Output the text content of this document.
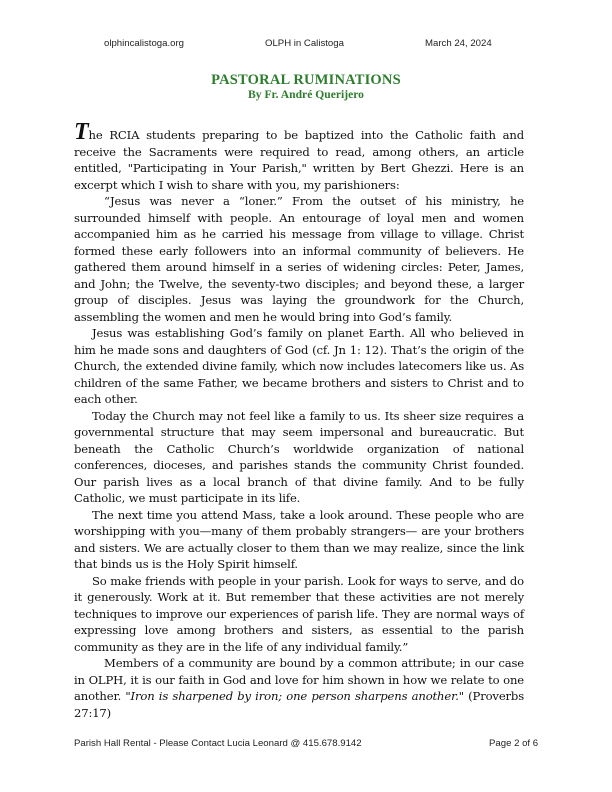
olphincalistoga.org	OLPH in Calistoga	March 24, 2024
PASTORAL RUMINATIONS
By Fr. André Querijero

The RCIA students preparing to be baptized into the Catholic faith and receive the Sacraments were required to read, among others, an article entitled, "Participating in Your Parish," written by Bert Ghezzi. Here is an excerpt which I wish to share with you, my parishioners:

“Jesus was never a “loner.” From the outset of his ministry, he surrounded himself with people. An entourage of loyal men and women accompanied him as he carried his message from village to village. Christ formed these early followers into an informal community of believers. He gathered them around himself in a series of widening circles: Peter, James, and John; the Twelve, the seventy-two disciples; and beyond these, a larger group of disciples. Jesus was laying the groundwork for the Church, assembling the women and men he would bring into God’s family.

Jesus was establishing God’s family on planet Earth. All who believed in him he made sons and daughters of God (cf. Jn 1: 12). That’s the origin of the Church, the extended divine family, which now includes latecomers like us. As children of the same Father, we became brothers and sisters to Christ and to each other.

Today the Church may not feel like a family to us. Its sheer size requires a governmental structure that may seem impersonal and bureaucratic. But beneath the Catholic Church’s worldwide organization of national conferences, dioceses, and parishes stands the community Christ founded. Our parish lives as a local branch of that divine family. And to be fully Catholic, we must participate in its life.

The next time you attend Mass, take a look around. These people who are worshipping with you—many of them probably strangers— are your brothers and sisters. We are actually closer to them than we may realize, since the link that binds us is the Holy Spirit himself.

So make friends with people in your parish. Look for ways to serve, and do it generously. Work at it. But remember that these activities are not merely techniques to improve our experiences of parish life. They are normal ways of expressing love among brothers and sisters, as essential to the parish community as they are in the life of any individual family.”

Members of a community are bound by a common attribute; in our case in OLPH, it is our faith in God and love for him shown in how we relate to one another. "Iron is sharpened by iron; one person sharpens another." (Proverbs 27:17)

Parish Hall Rental - Please Contact Lucia Leonard @ 415.678.9142	Page 2 of 6
